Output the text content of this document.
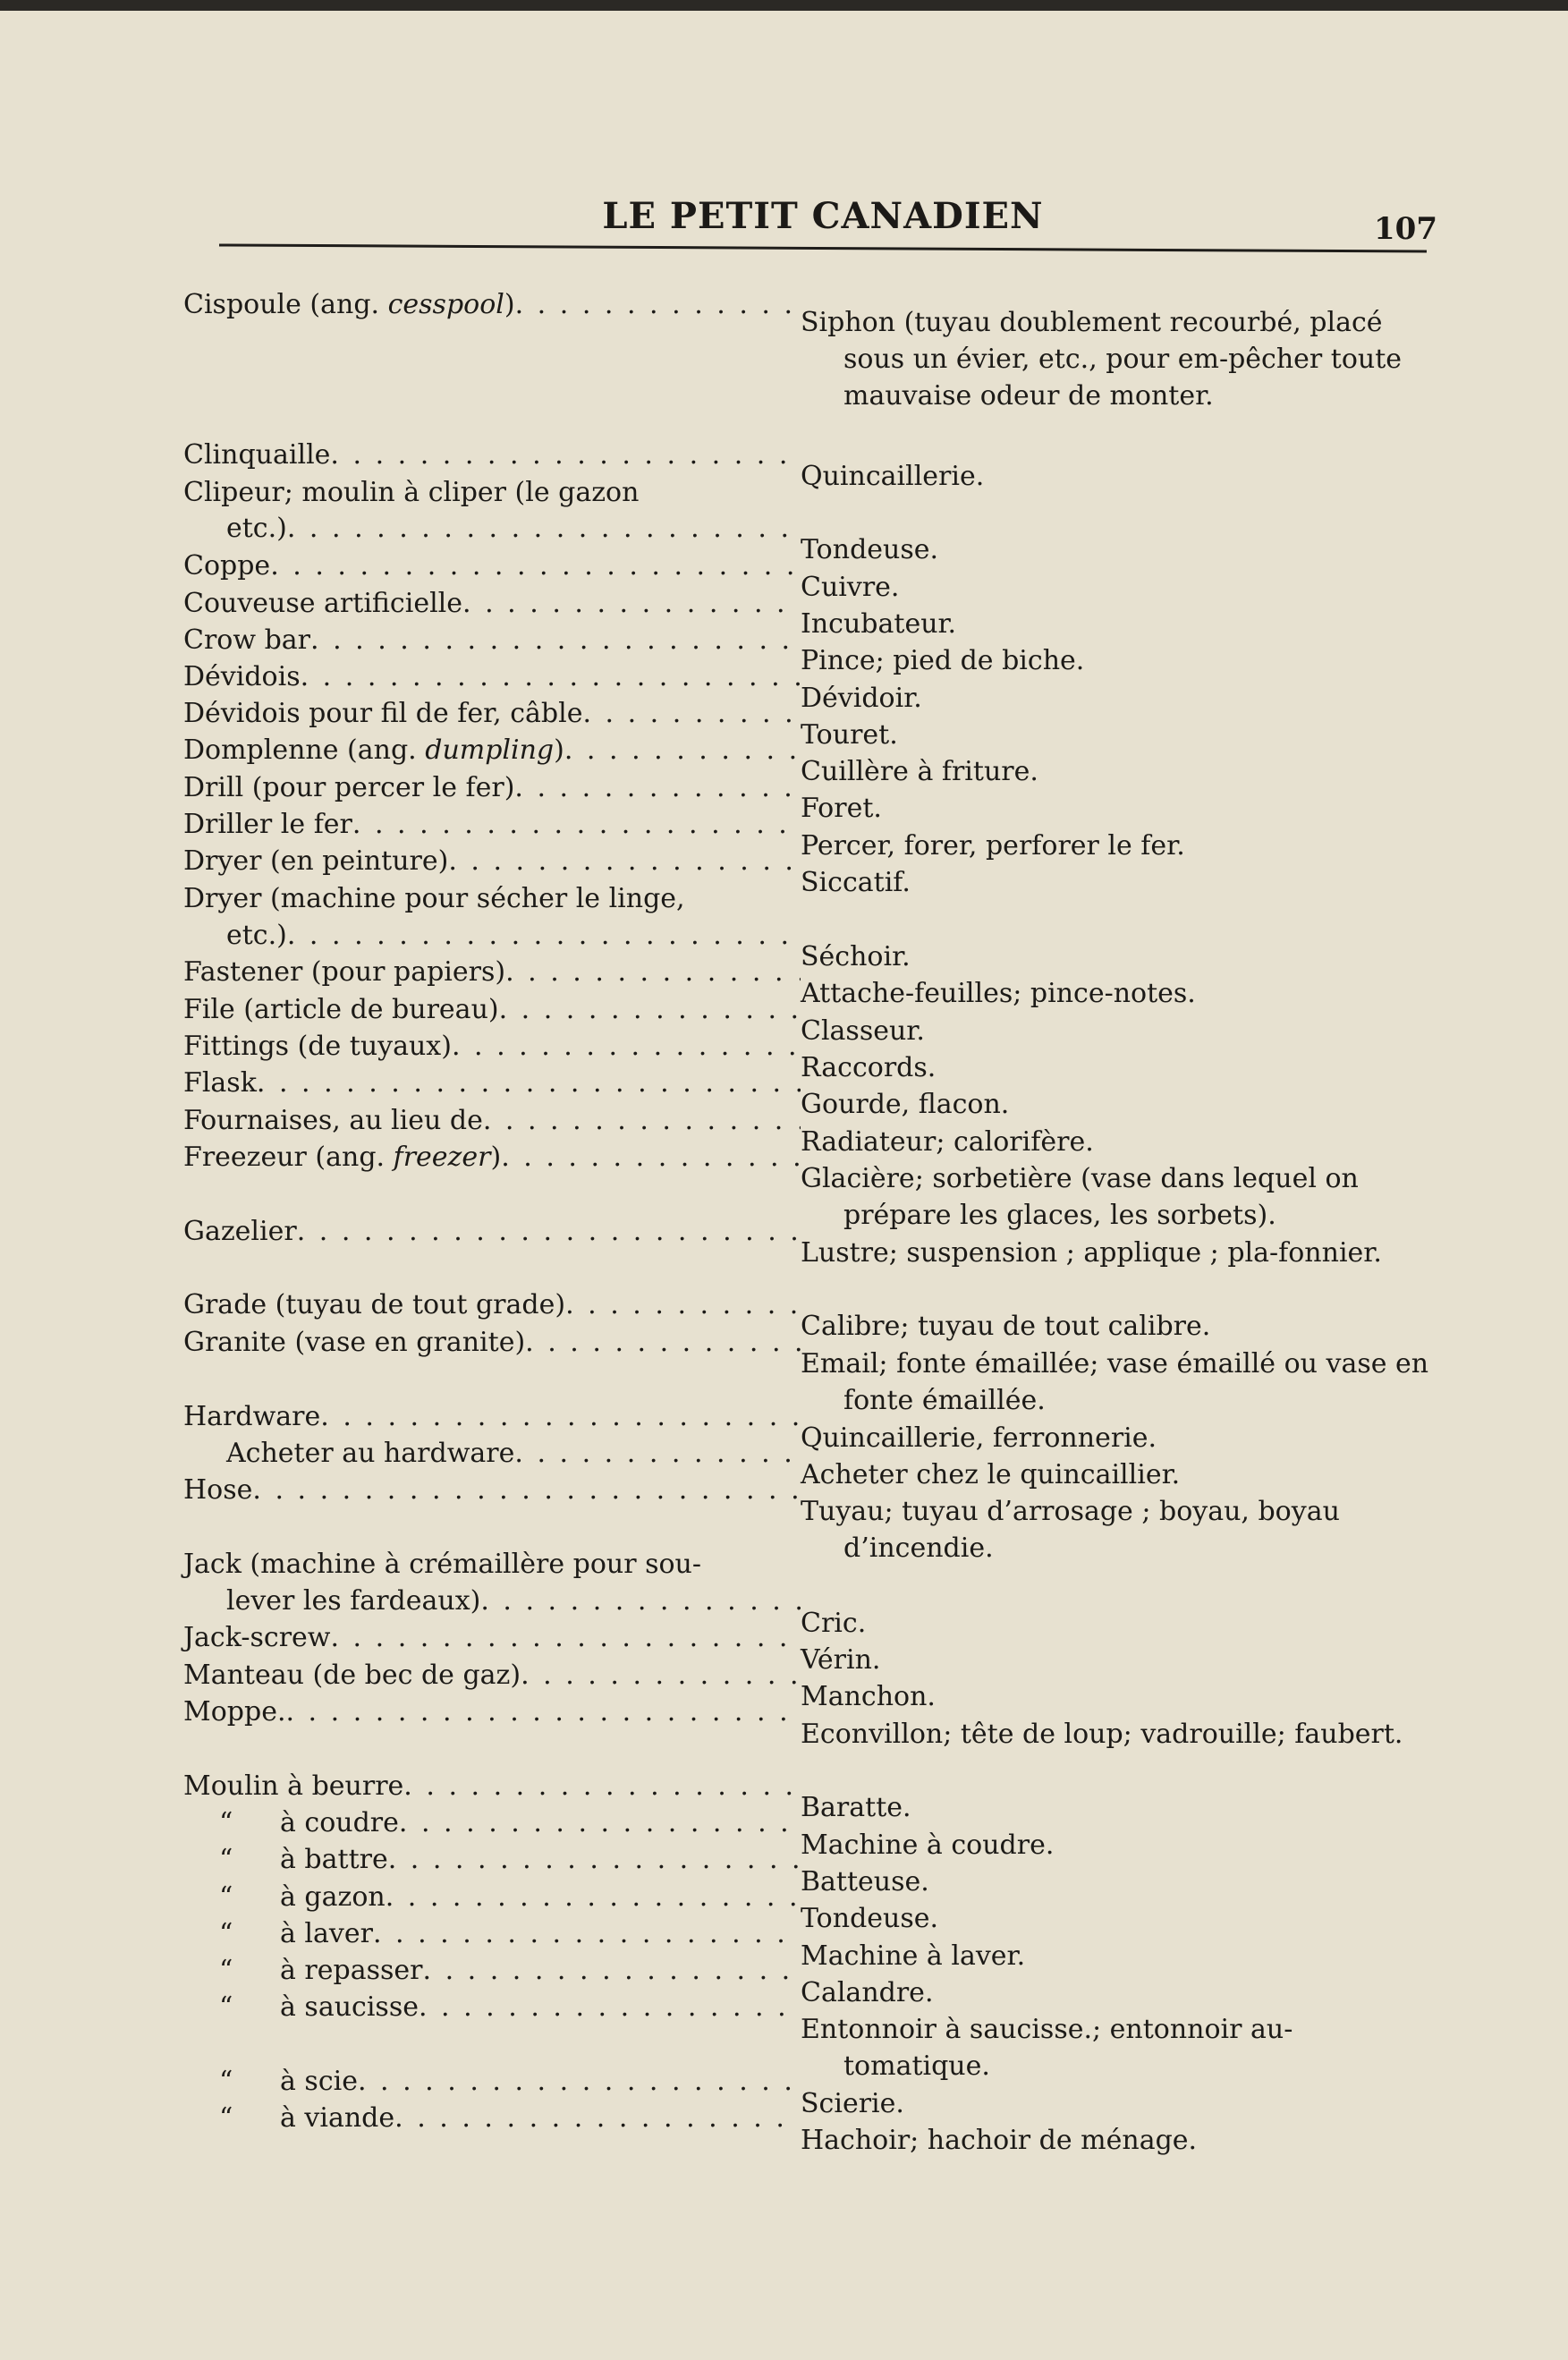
LE PETIT CANADIEN	107
Cispoule (ang. cesspool)
. . .
Clinquaille
. . .
Clipeur; moulin à cliper (le gazon
etc.)
. . .
Coppe
. . .
Couveuse artificielle
. . .
Crow bar
. . .
Dévidois
. . .
Dévidois pour fil de fer, câble
. . .
Domplenne (ang. dumpling)
. . .
Drill (pour percer le fer)
. . .
Driller le fer
. . .
Dryer (en peinture)
. . .
Dryer (machine pour sécher le linge,
etc.)
. . .
Fastener (pour papiers)
. . .
File (article de bureau)
. . .
Fittings (de tuyaux)
. . .
Flask
. . .
Fournaises, au lieu de
. . .
Freezeur (ang. freezer)
. . .
Gazelier
. . .
Grade (tuyau de tout grade)
. . .
Granite (vase en granite)
. . .
Hardware
. . .
Acheter au hardware
. . .
Hose
. . .
Jack (machine à crémaillère pour sou-
lever les fardeaux)
. . .
Jack-screw
. . .
Manteau (de bec de gaz)
. . .
Moppe.
. . .
Moulin à beurre
. . .
“ à coudre
. . .
“ à battre
. . .
“ à gazon
. . .
“ à laver
. . .
“ à repasser
. . .
“ à saucisse
. . .
“ à scie
. . .
“ à viande
. . .
Siphon (tuyau doublement recourbé, placé sous un évier, etc., pour em-pêcher toute mauvaise odeur de monter.
Quincaillerie.
Tondeuse.
Cuivre.
Incubateur.
Pince; pied de biche.
Dévidoir.
Touret.
Cuillère à friture.
Foret.
Percer, forer, perforer le fer.
Siccatif.
Séchoir.
Attache-feuilles; pince-notes.
Classeur.
Raccords.
Gourde, flacon.
Radiateur; calorifère.
Glacière; sorbetière (vase dans lequel on prépare les glaces, les sorbets).
Lustre; suspension ; applique ; pla-fonnier.
Calibre; tuyau de tout calibre.
Email; fonte émaillée; vase émaillé ou vase en fonte émaillée.
Quincaillerie, ferronnerie.
Acheter chez le quincaillier.
Tuyau; tuyau d’arrosage ; boyau, boyau d’incendie.
Cric.
Vérin.
Manchon.
Econvillon; tête de loup; vadrouille; faubert.
Baratte.
Machine à coudre.
Batteuse.
Tondeuse.
Machine à laver.
Calandre.
Entonnoir à saucisse.; entonnoir au-tomatique.
Scierie.
Hachoir; hachoir de ménage.
